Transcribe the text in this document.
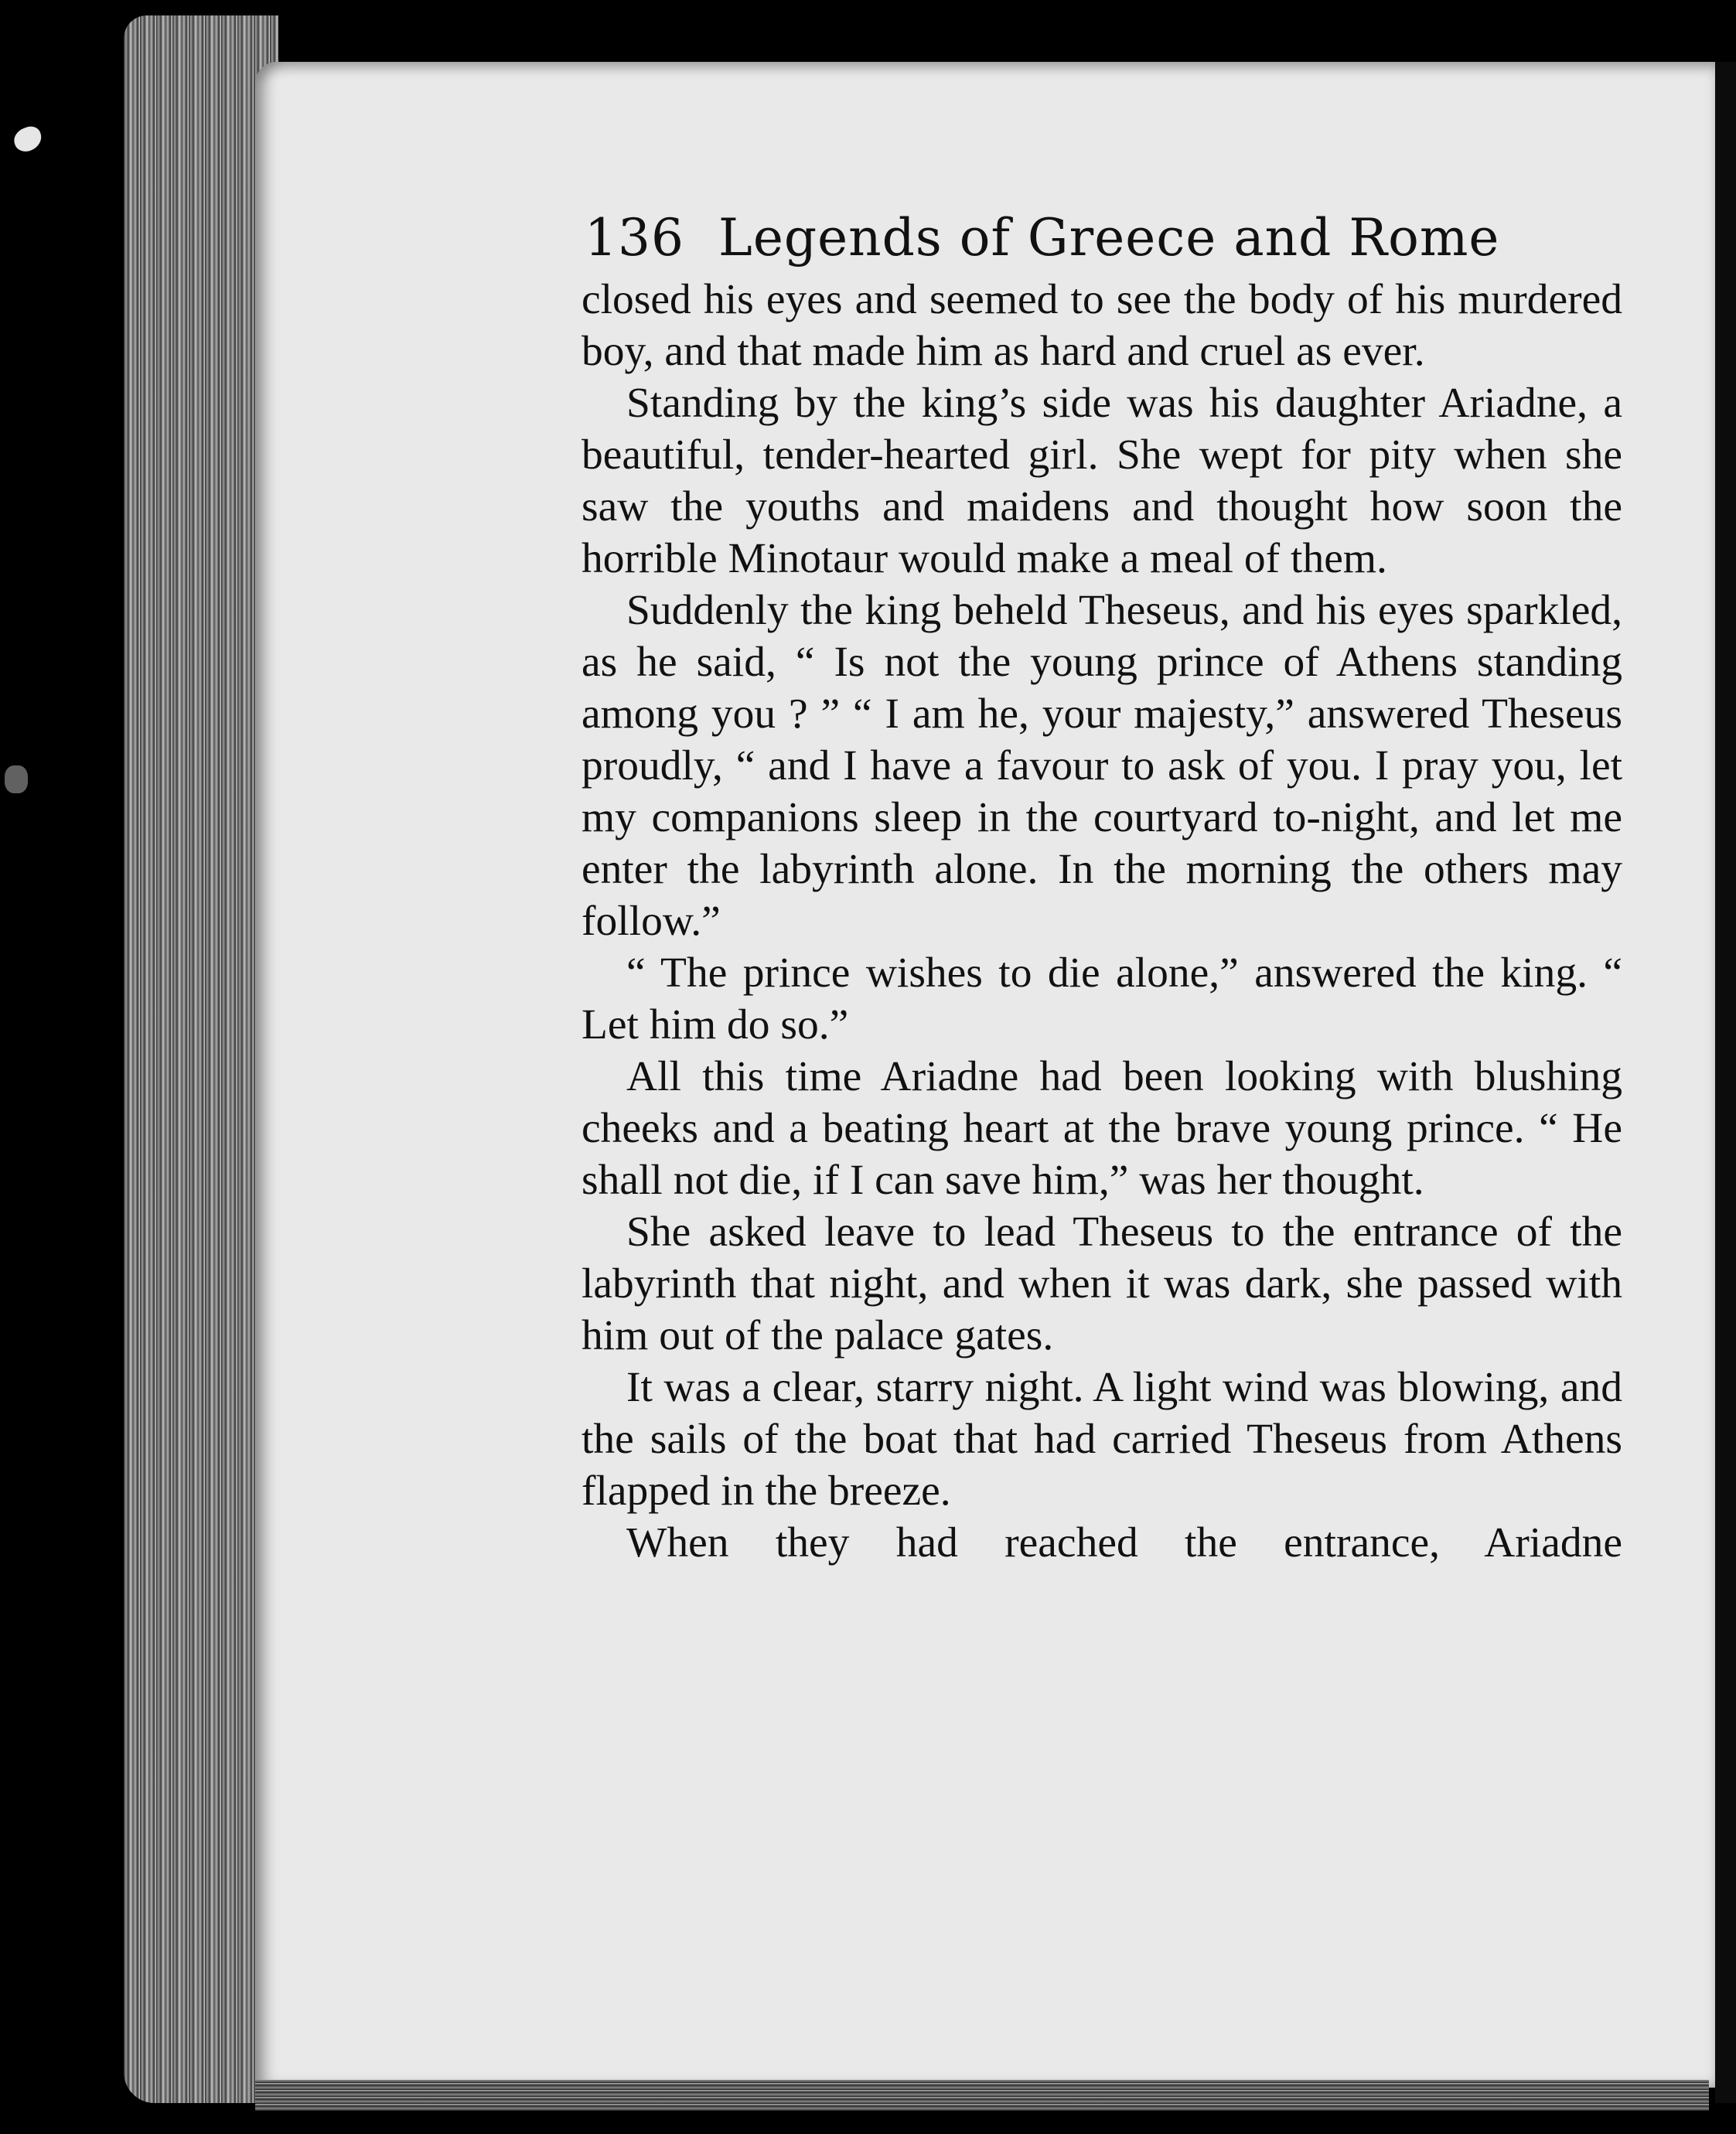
136 Legends of Greece and Rome

closed his eyes and seemed to see the body of his murdered boy, and that made him as hard and cruel as ever.

Standing by the king’s side was his daughter Ariadne, a beautiful, tender-hearted girl. She wept for pity when she saw the youths and maidens and thought how soon the horrible Minotaur would make a meal of them.

Suddenly the king beheld Theseus, and his eyes sparkled, as he said, “ Is not the young prince of Athens standing among you ? ” “ I am he, your majesty,” answered Theseus proudly, “ and I have a favour to ask of you. I pray you, let my companions sleep in the courtyard to-night, and let me enter the labyrinth alone. In the morning the others may follow.”

“ The prince wishes to die alone,” answered the king. “ Let him do so.”

All this time Ariadne had been looking with blushing cheeks and a beating heart at the brave young prince. “ He shall not die, if I can save him,” was her thought.

She asked leave to lead Theseus to the entrance of the labyrinth that night, and when it was dark, she passed with him out of the palace gates.

It was a clear, starry night. A light wind was blowing, and the sails of the boat that had carried Theseus from Athens flapped in the breeze.

When they had reached the entrance, Ariadne
